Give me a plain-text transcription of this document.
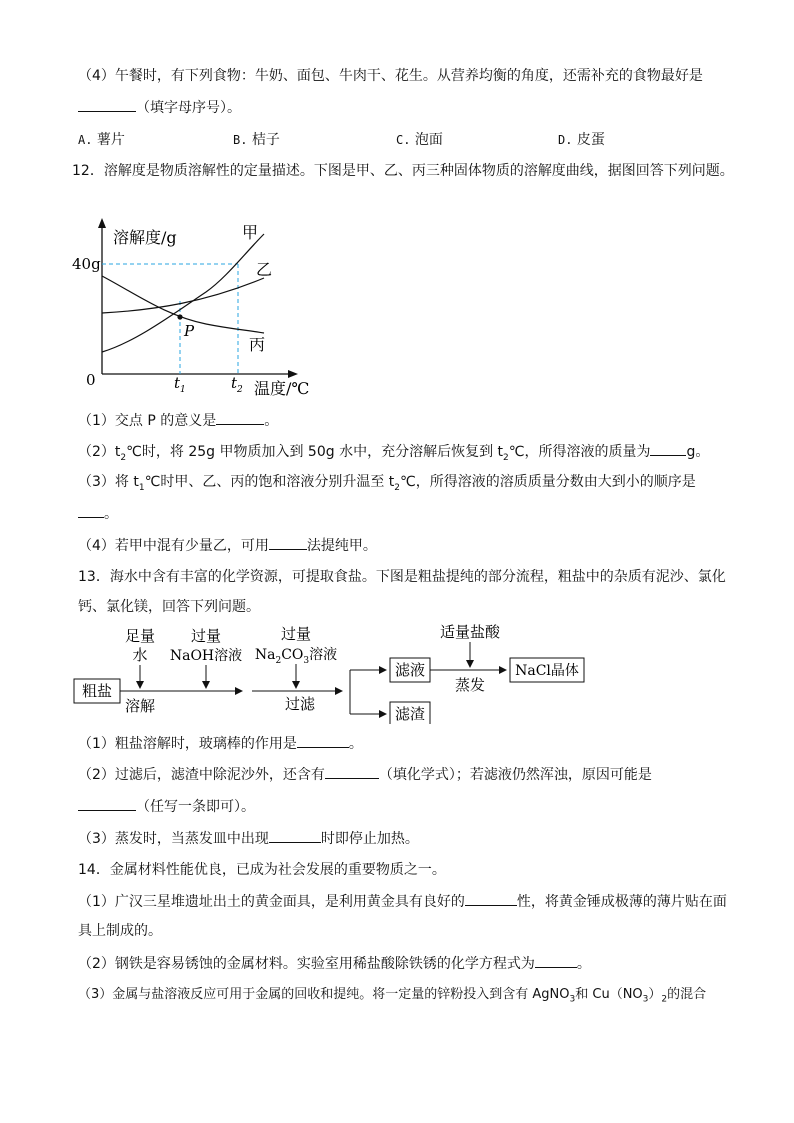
（4）午餐时，有下列食物：牛奶、面包、牛肉干、花生。从营养均衡的角度，还需补充的食物最好是
（填字母序号）。
A. 薯片	B. 桔子	C. 泡面	D. 皮蛋
12．溶解度是物质溶解性的定量描述。下图是甲、乙、丙三种固体物质的溶解度曲线，据图回答下列问题。
溶解度/g
40g
0	温度/℃
$t_1$	$t_2$
P
甲
乙
丙
（1）交点 P 的意义是	。
$(2)t_2℃$时，将 25g 甲物质加入到 50g 水中，充分溶解后恢复到 $t_2℃$，所得溶液的质量为	g。
（3）将 $t_1℃$时甲、乙、丙的饱和溶液分别升温至 $t_2℃$，所得溶液的溶质质量分数由大到小的顺序是
。
（4）若甲中混有少量乙，可用	法提纯甲。
13．海水中含有丰富的化学资源，可提取食盐。下图是粗盐提纯的部分流程，粗盐中的杂质有泥沙、氯化
钙、氯化镁，回答下列问题。
粗盐
足量
水
溶解
过量
NaOH溶液
过量
$Na_2CO_3$溶液
过滤
滤液
滤渣
适量盐酸
蒸发
NaCl晶体
（1）粗盐溶解时，玻璃棒的作用是	。
（2）过滤后，滤渣中除泥沙外，还含有	（填化学式）；若滤液仍然浑浊，原因可能是
（任写一条即可）。
（3）蒸发时，当蒸发皿中出现	时即停止加热。
14．金属材料性能优良，已成为社会发展的重要物质之一。
（1）广汉三星堆遗址出土的黄金面具，是利用黄金具有良好的	性，将黄金锤成极薄的薄片贴在面
具上制成的。
（2）钢铁是容易锈蚀的金属材料。实验室用稀盐酸除铁锈的化学方程式为	。
（3）金属与盐溶液反应可用于金属的回收和提纯。将一定量的锌粉投入到含有 AgNO$_3$和 $Cu(NO_3)_2$的混合
